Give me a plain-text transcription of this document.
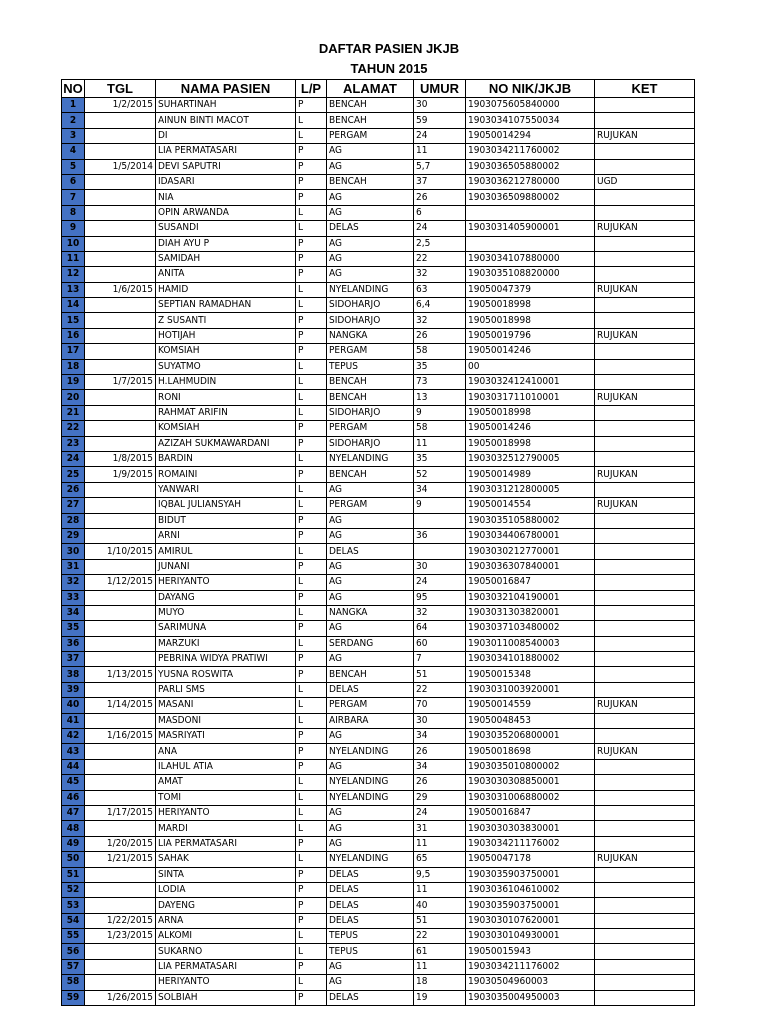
DAFTAR PASIEN JKJB
TAHUN 2015
NO	TGL	NAMA PASIEN	L/P	ALAMAT	UMUR	NO NIK/JKJB	KET
1	1/2/2015	SUHARTINAH	P	BENCAH	30	1903075605840000	
2		AINUN BINTI MACOT	L	BENCAH	59	1903034107550034	
3		DI	L	PERGAM	24	19050014294	RUJUKAN
4		LIA PERMATASARI	P	AG	11	1903034211760002	
5	1/5/2014	DEVI SAPUTRI	P	AG	5,7	1903036505880002	
6		IDASARI	P	BENCAH	37	1903036212780000	UGD
7		NIA	P	AG	26	1903036509880002	
8		OPIN ARWANDA	L	AG	6		
9		SUSANDI	L	DELAS	24	1903031405900001	RUJUKAN
10		DIAH AYU P	P	AG	2,5		
11		SAMIDAH	P	AG	22	1903034107880000	
12		ANITA	P	AG	32	1903035108820000	
13	1/6/2015	HAMID	L	NYELANDING	63	19050047379	RUJUKAN
14		SEPTIAN RAMADHAN	L	SIDOHARJO	6,4	19050018998	
15		Z SUSANTI	P	SIDOHARJO	32	19050018998	
16		HOTIJAH	P	NANGKA	26	19050019796	RUJUKAN
17		KOMSIAH	P	PERGAM	58	19050014246	
18		SUYATMO	L	TEPUS	35	00	
19	1/7/2015	H.LAHMUDIN	L	BENCAH	73	1903032412410001	
20		RONI	L	BENCAH	13	1903031711010001	RUJUKAN
21		RAHMAT ARIFIN	L	SIDOHARJO	9	19050018998	
22		KOMSIAH	P	PERGAM	58	19050014246	
23		AZIZAH SUKMAWARDANI	P	SIDOHARJO	11	19050018998	
24	1/8/2015	BARDIN	L	NYELANDING	35	1903032512790005	
25	1/9/2015	ROMAINI	P	BENCAH	52	19050014989	RUJUKAN
26		YANWARI	L	AG	34	1903031212800005	
27		IQBAL JULIANSYAH	L	PERGAM	9	19050014554	RUJUKAN
28		BIDUT	P	AG		1903035105880002	
29		ARNI	P	AG	36	1903034406780001	
30	1/10/2015	AMIRUL	L	DELAS		1903030212770001	
31		JUNANI	P	AG	30	1903036307840001	
32	1/12/2015	HERIYANTO	L	AG	24	19050016847	
33		DAYANG	P	AG	95	1903032104190001	
34		MUYO	L	NANGKA	32	1903031303820001	
35		SARIMUNA	P	AG	64	1903037103480002	
36		MARZUKI	L	SERDANG	60	1903011008540003	
37		PEBRINA WIDYA PRATIWI	P	AG	7	1903034101880002	
38	1/13/2015	YUSNA ROSWITA	P	BENCAH	51	19050015348	
39		PARLI SMS	L	DELAS	22	1903031003920001	
40	1/14/2015	MASANI	L	PERGAM	70	19050014559	RUJUKAN
41		MASDONI	L	AIRBARA	30	19050048453	
42	1/16/2015	MASRIYATI	P	AG	34	1903035206800001	
43		ANA	P	NYELANDING	26	19050018698	RUJUKAN
44		ILAHUL ATIA	P	AG	34	1903035010800002	
45		AMAT	L	NYELANDING	26	1903030308850001	
46		TOMI	L	NYELANDING	29	1903031006880002	
47	1/17/2015	HERIYANTO	L	AG	24	19050016847	
48		MARDI	L	AG	31	1903030303830001	
49	1/20/2015	LIA PERMATASARI	P	AG	11	1903034211176002	
50	1/21/2015	SAHAK	L	NYELANDING	65	19050047178	RUJUKAN
51		SINTA	P	DELAS	9,5	1903035903750001	
52		LODIA	P	DELAS	11	1903036104610002	
53		DAYENG	P	DELAS	40	1903035903750001	
54	1/22/2015	ARNA	P	DELAS	51	1903030107620001	
55	1/23/2015	ALKOMI	L	TEPUS	22	1903030104930001	
56		SUKARNO	L	TEPUS	61	19050015943	
57		LIA PERMATASARI	P	AG	11	1903034211176002	
58		HERIYANTO	L	AG	18	19030504960003	
59	1/26/2015	SOLBIAH	P	DELAS	19	1903035004950003	
